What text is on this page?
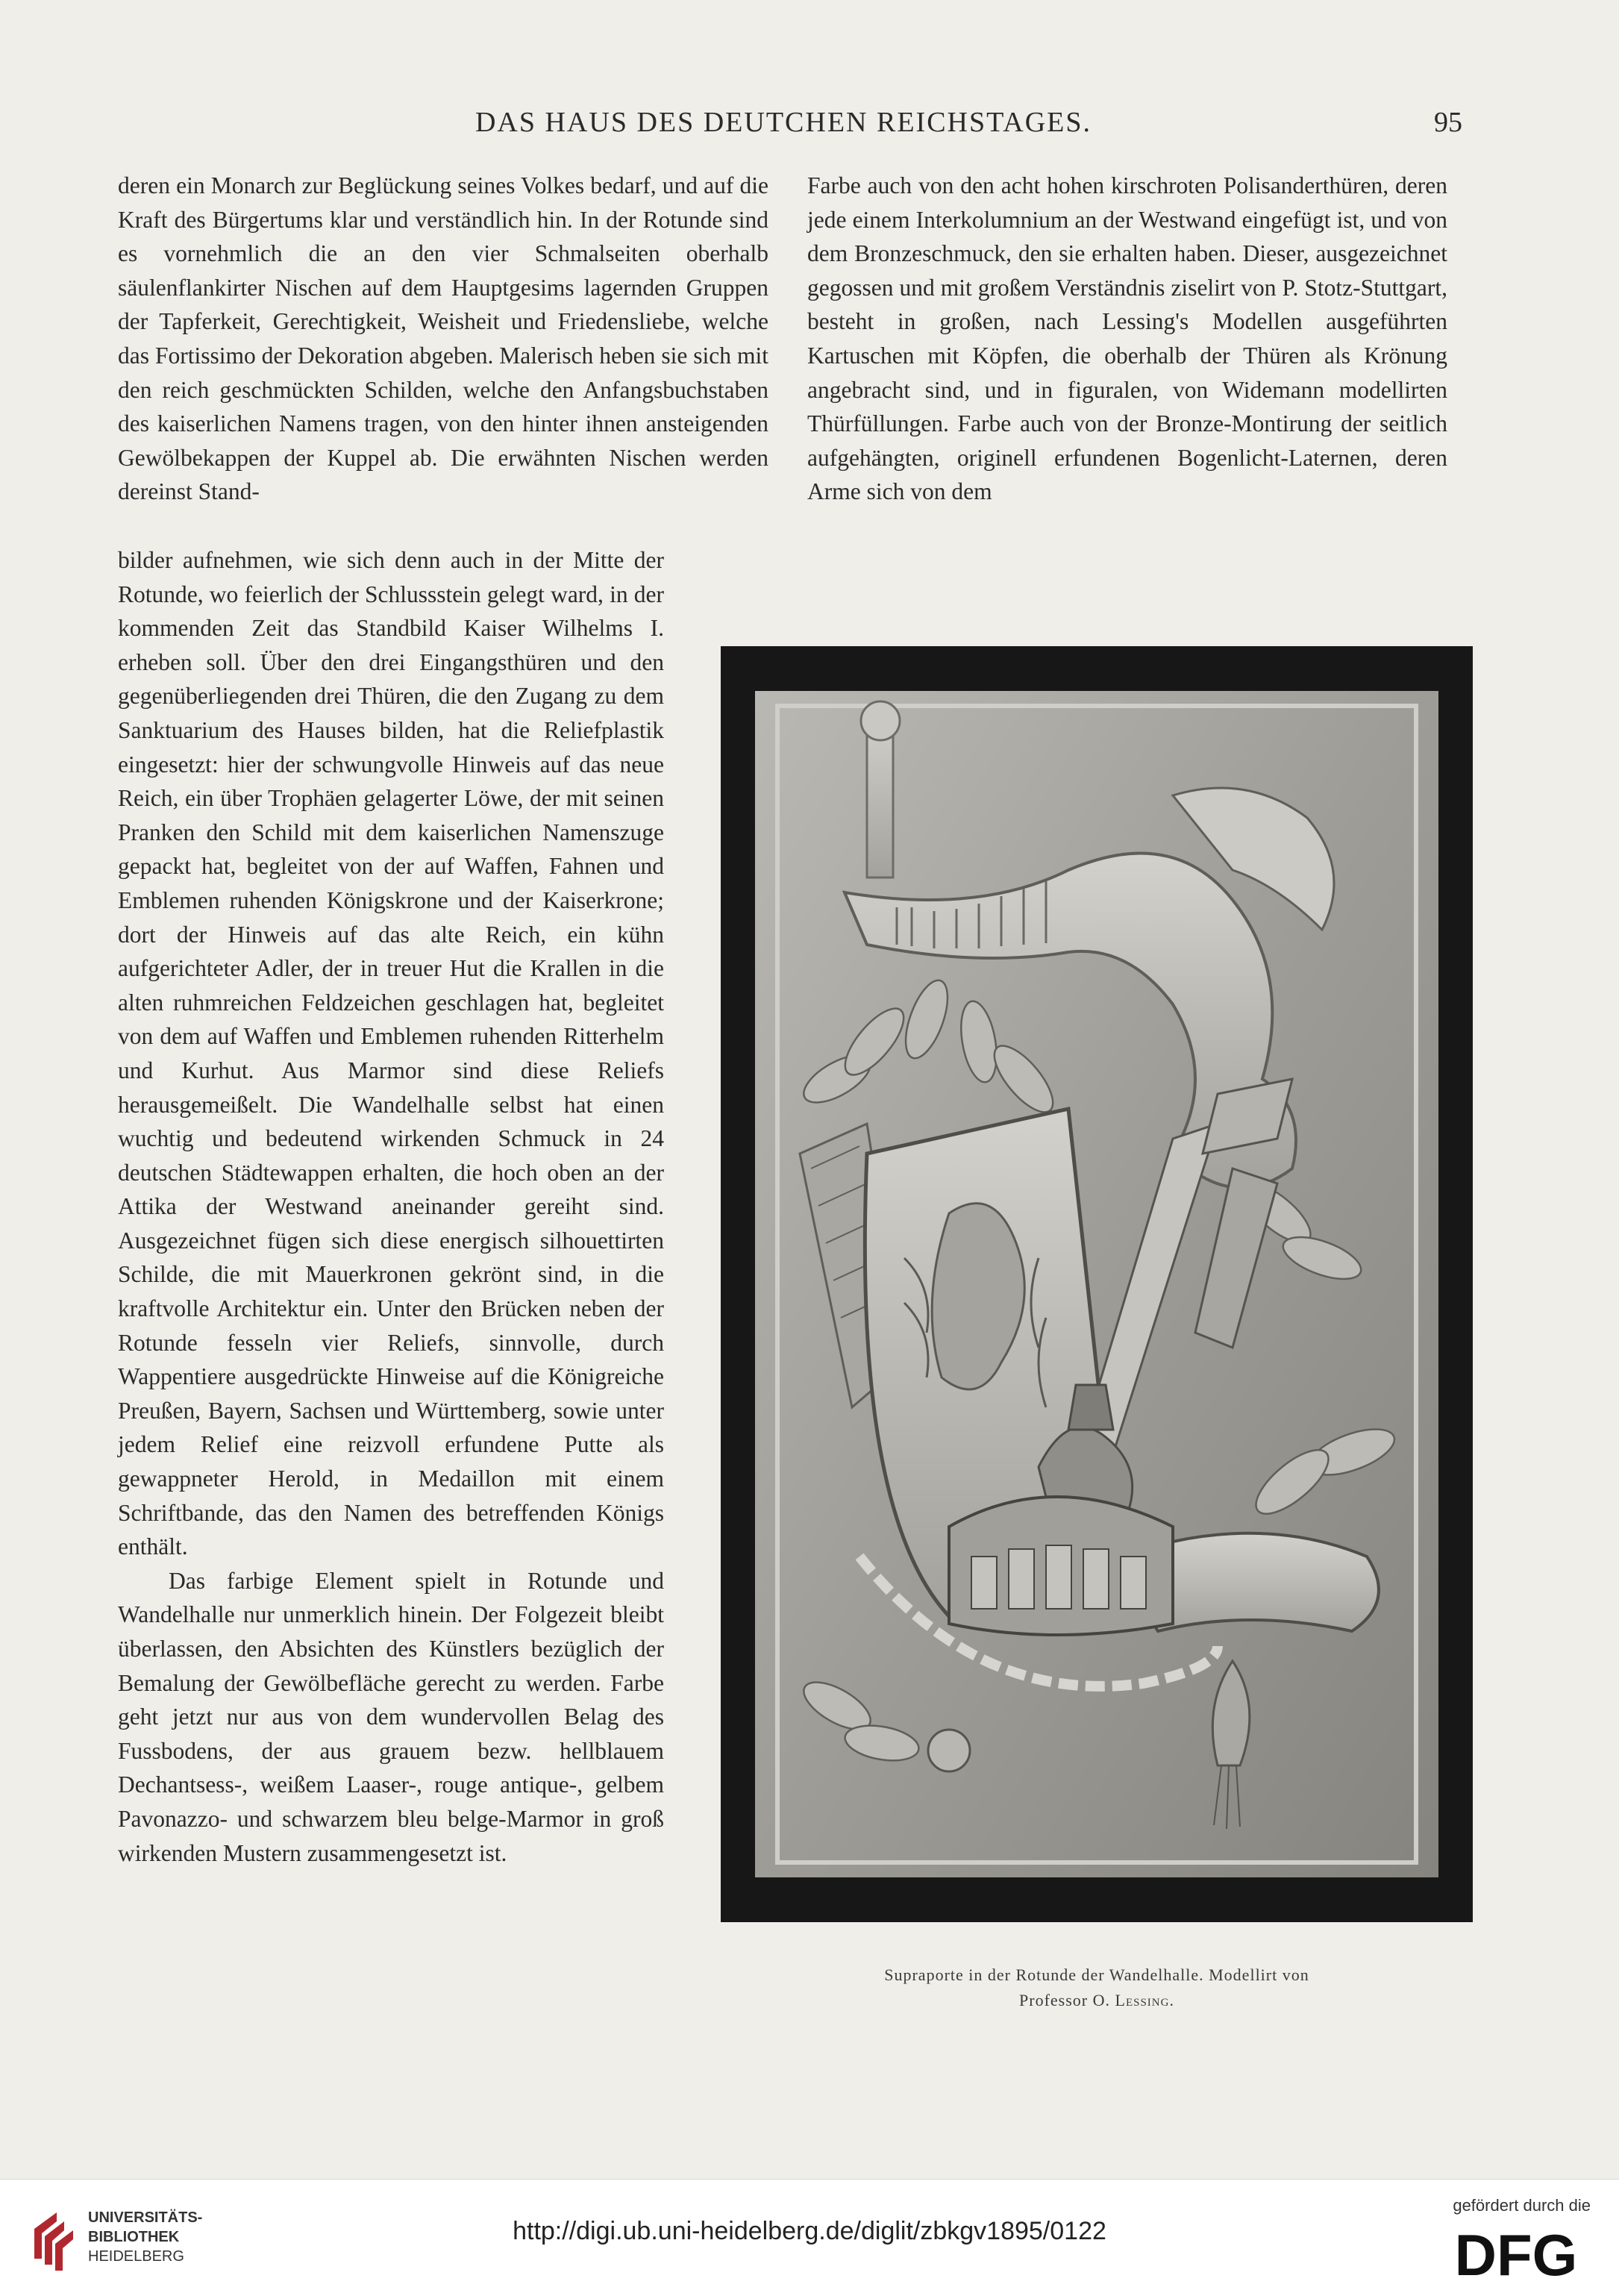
DAS HAUS DES DEUTCHEN REICHSTAGES.	95

deren ein Monarch zur Beglückung seines Volkes bedarf, und auf die Kraft des Bürgertums klar und verständlich hin. In der Rotunde sind es vornehmlich die an den vier Schmalseiten oberhalb säulenflankirter Nischen auf dem Hauptgesims lagernden Gruppen der Tapferkeit, Gerechtigkeit, Weisheit und Friedensliebe, welche das Fortissimo der Dekoration abgeben. Malerisch heben sie sich mit den reich geschmückten Schilden, welche den Anfangsbuchstaben des kaiserlichen Namens tragen, von den hinter ihnen ansteigenden Gewölbekappen der Kuppel ab. Die erwähnten Nischen werden dereinst Stand-

Farbe auch von den acht hohen kirschroten Polisanderthüren, deren jede einem Interkolumnium an der Westwand eingefügt ist, und von dem Bronzeschmuck, den sie erhalten haben. Dieser, ausgezeichnet gegossen und mit großem Verständnis ziselirt von P. Stotz-Stuttgart, besteht in großen, nach Lessing's Modellen ausgeführten Kartuschen mit Köpfen, die oberhalb der Thüren als Krönung angebracht sind, und in figuralen, von Widemann modellirten Thürfüllungen. Farbe auch von der Bronze-Montirung der seitlich aufgehängten, originell erfundenen Bogenlicht-Laternen, deren Arme sich von dem

bilder aufnehmen, wie sich denn auch in der Mitte der Rotunde, wo feierlich der Schlussstein gelegt ward, in der kommenden Zeit das Standbild Kaiser Wilhelms I. erheben soll. Über den drei Eingangsthüren und den gegenüberliegenden drei Thüren, die den Zugang zu dem Sanktuarium des Hauses bilden, hat die Reliefplastik eingesetzt: hier der schwungvolle Hinweis auf das neue Reich, ein über Trophäen gelagerter Löwe, der mit seinen Pranken den Schild mit dem kaiserlichen Namenszuge gepackt hat, begleitet von der auf Waffen, Fahnen und Emblemen ruhenden Königskrone und der Kaiserkrone; dort der Hinweis auf das alte Reich, ein kühn aufgerichteter Adler, der in treuer Hut die Krallen in die alten ruhmreichen Feldzeichen geschlagen hat, begleitet von dem auf Waffen und Emblemen ruhenden Ritterhelm und Kurhut. Aus Marmor sind diese Reliefs herausgemeißelt. Die Wandelhalle selbst hat einen wuchtig und bedeutend wirkenden Schmuck in 24 deutschen Städtewappen erhalten, die hoch oben an der Attika der Westwand aneinander gereiht sind. Ausgezeichnet fügen sich diese energisch silhouettirten Schilde, die mit Mauerkronen gekrönt sind, in die kraftvolle Architektur ein. Unter den Brücken neben der Rotunde fesseln vier Reliefs, sinnvolle, durch Wappentiere ausgedrückte Hinweise auf die Königreiche Preußen, Bayern, Sachsen und Württemberg, sowie unter jedem Relief eine reizvoll erfundene Putte als gewappneter Herold, in Medaillon mit einem Schriftbande, das den Namen des betreffenden Königs enthält.

Das farbige Element spielt in Rotunde und Wandelhalle nur unmerklich hinein. Der Folgezeit bleibt überlassen, den Absichten des Künstlers bezüglich der Bemalung der Gewölbefläche gerecht zu werden. Farbe geht jetzt nur aus von dem wundervollen Belag des Fussbodens, der aus grauem bezw. hellblauem Dechantsess-, weißem Laaser-, rouge antique-, gelbem Pavonazzo- und schwarzem bleu belge-Marmor in groß wirkenden Mustern zusammengesetzt ist.

Supraporte in der Rotunde der Wandelhalle. Modellirt von
Professor O. Lessing.
UNIVERSITÄTS-
BIBLIOTHEK
HEIDELBERG
http://digi.ub.uni-heidelberg.de/diglit/zbkgv1895/0122
gefördert durch die
DFG
